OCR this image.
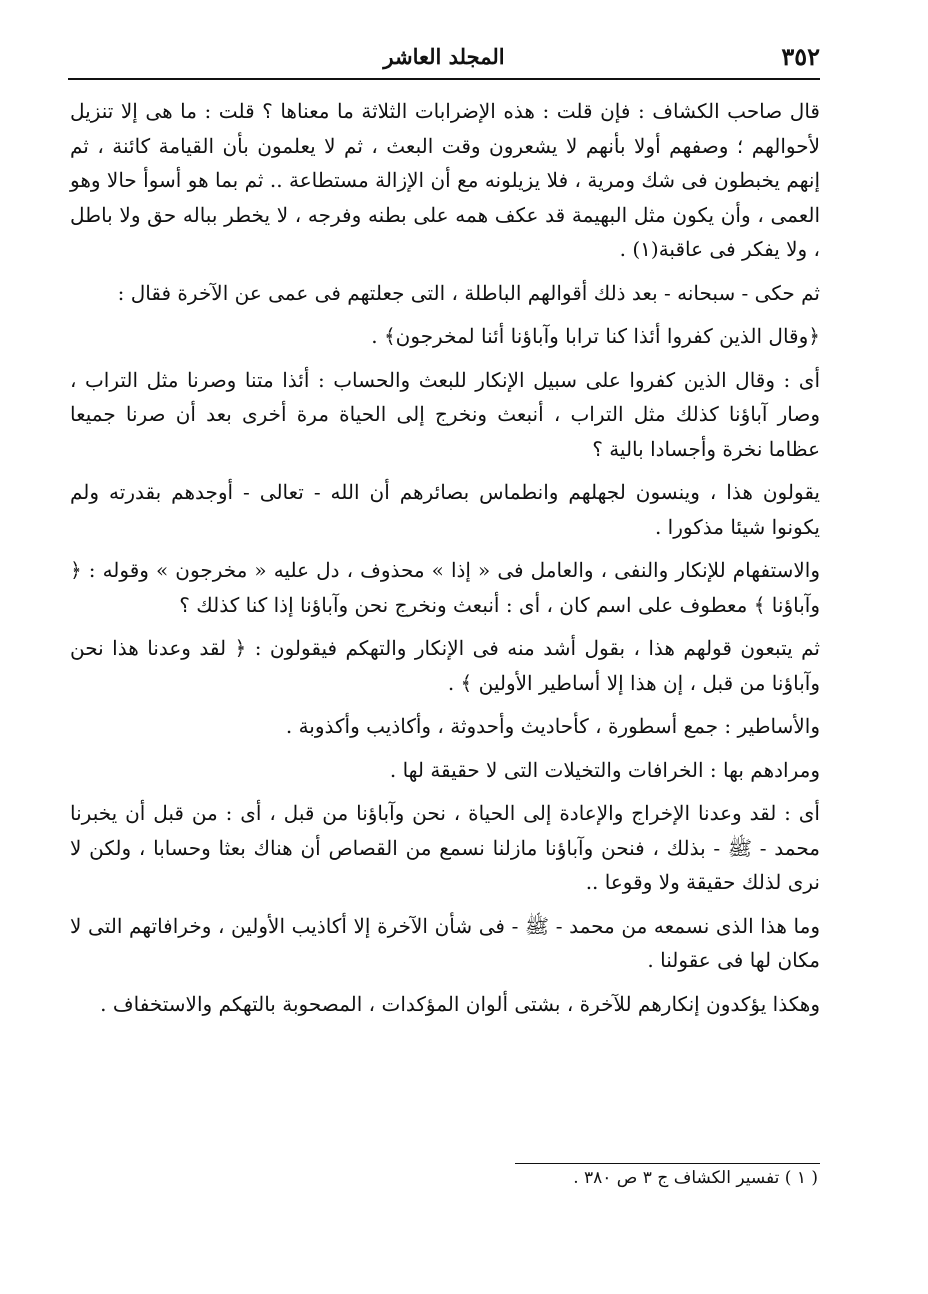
٣٥٢
المجلد العاشر

قال صاحب الكشاف : فإن قلت : هذه الإضرابات الثلاثة ما معناها ؟ قلت : ما هى إلا تنزيل لأحوالهم ؛ وصفهم أولا بأنهم لا يشعرون وقت البعث ، ثم لا يعلمون بأن القيامة كائنة ، ثم إنهم يخبطون فى شك ومرية ، فلا يزيلونه مع أن الإزالة مستطاعة .. ثم بما هو أسوأ حالا وهو العمى ، وأن يكون مثل البهيمة قد عكف همه على بطنه وفرجه ، لا يخطر بباله حق ولا باطل ، ولا يفكر فى عاقبة(١) .

ثم حكى - سبحانه - بعد ذلك أقوالهم الباطلة ، التى جعلتهم فى عمى عن الآخرة فقال :

﴿وقال الذين كفروا أئذا كنا ترابا وآباؤنا أئنا لمخرجون﴾ .

أى : وقال الذين كفروا على سبيل الإنكار للبعث والحساب : أئذا متنا وصرنا مثل التراب ، وصار آباؤنا كذلك مثل التراب ، أنبعث ونخرج إلى الحياة مرة أخرى بعد أن صرنا جميعا عظاما نخرة وأجسادا بالية ؟

يقولون هذا ، وينسون لجهلهم وانطماس بصائرهم أن الله - تعالى - أوجدهم بقدرته ولم يكونوا شيئا مذكورا .

والاستفهام للإنكار والنفى ، والعامل فى « إذا » محذوف ، دل عليه « مخرجون » وقوله : ﴿ وآباؤنا ﴾ معطوف على اسم كان ، أى : أنبعث ونخرج نحن وآباؤنا إذا كنا كذلك ؟

ثم يتبعون قولهم هذا ، بقول أشد منه فى الإنكار والتهكم فيقولون : ﴿ لقد وعدنا هذا نحن وآباؤنا من قبل ، إن هذا إلا أساطير الأولين ﴾ .

والأساطير : جمع أسطورة ، كأحاديث وأحدوثة ، وأكاذيب وأكذوبة .

ومرادهم بها : الخرافات والتخيلات التى لا حقيقة لها .

أى : لقد وعدنا الإخراج والإعادة إلى الحياة ، نحن وآباؤنا من قبل ، أى : من قبل أن يخبرنا محمد - ﷺ - بذلك ، فنحن وآباؤنا مازلنا نسمع من القصاص أن هناك بعثا وحسابا ، ولكن لا نرى لذلك حقيقة ولا وقوعا ..

وما هذا الذى نسمعه من محمد - ﷺ - فى شأن الآخرة إلا أكاذيب الأولين ، وخرافاتهم التى لا مكان لها فى عقولنا .

وهكذا يؤكدون إنكارهم للآخرة ، بشتى ألوان المؤكدات ، المصحوبة بالتهكم والاستخفاف .

( ١ ) تفسير الكشاف ج ٣ ص ٣٨٠ .
